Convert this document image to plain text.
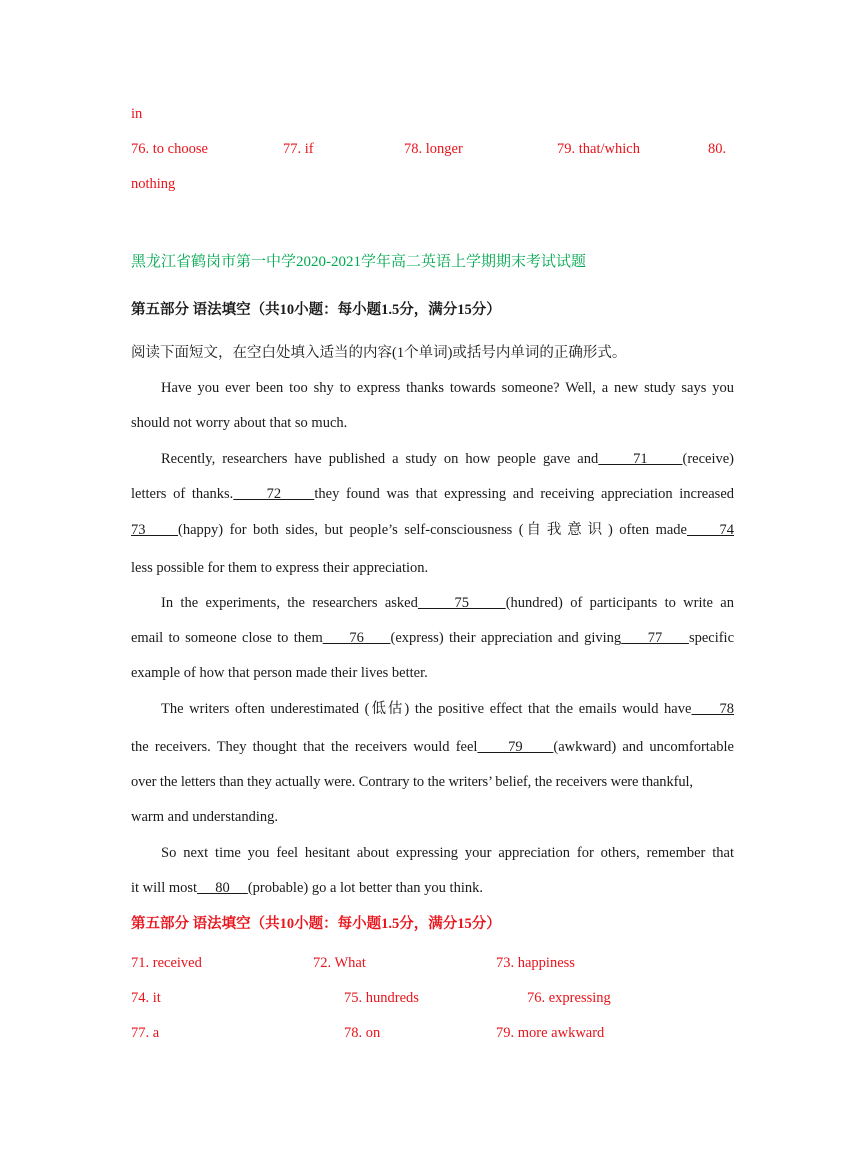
in
76. to choose	77. if	78. longer	79. that/which	80.
nothing
黑龙江省鹤岗市第一中学2020-2021学年高二英语上学期期末考试试题
第五部分 语法填空（共10小题：每小题1.5分，满分15分）
阅读下面短文，在空白处填入适当的内容(1个单词)或括号内单词的正确形式。
Have you ever been too shy to express thanks towards someone? Well, a new study says you
should not worry about that so much.
Recently, researchers have published a study on how people gave and     71     (receive)
letters of thanks.     72     they found was that expressing and receiving appreciation increased
73     (happy) for both sides, but people’s self-consciousness (自我意识) often made     74
less possible for them to express their appreciation.
In the experiments, the researchers asked     75     (hundred) of participants to write an
email to someone close to them     76     (express) their appreciation and giving     77     specific
example of how that person made their lives better.
The writers often underestimated (低估) the positive effect that the emails would have     78
the receivers. They thought that the receivers would feel     79     (awkward) and uncomfortable
over the letters than they actually were. Contrary to the writers’ belief, the receivers were thankful,
warm and understanding.
So next time you feel hesitant about expressing your appreciation for others, remember that
it will most     80     (probable) go a lot better than you think.
第五部分 语法填空（共10小题：每小题1.5分，满分15分）
71. received	72. What	73. happiness
74. it	75. hundreds	76. expressing
77. a	78. on	79. more awkward
